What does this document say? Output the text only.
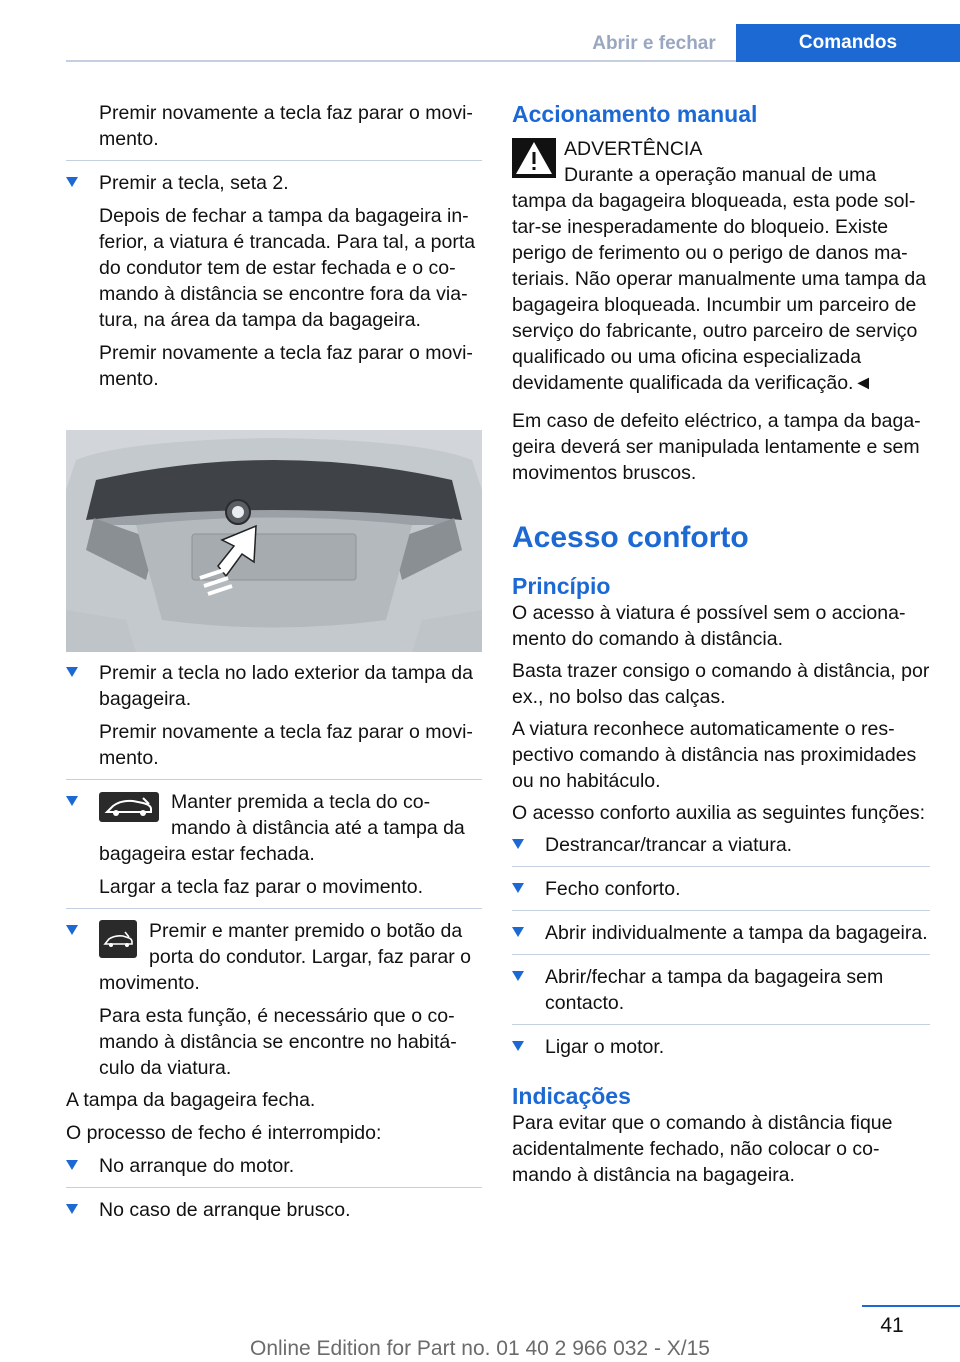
Abrir e fechar	Comandos

Premir novamente a tecla faz parar o movimento.

Premir a tecla, seta 2.

Depois de fechar a tampa da bagageira inferior, a viatura é trancada. Para tal, a porta do condutor tem de estar fechada e o comando à distância se encontre fora da viatura, na área da tampa da bagageira.

Premir novamente a tecla faz parar o movimento.

Premir a tecla no lado exterior da tampa da bagageira.

Premir novamente a tecla faz parar o movimento.

Manter premida a tecla do comando à distância até a tampa da bagageira estar fechada.

Largar a tecla faz parar o movimento.

Premir e manter premido o botão da porta do condutor. Largar, faz parar o movimento.

Para esta função, é necessário que o comando à distância se encontre no habitáculo da viatura.

A tampa da bagageira fecha.

O processo de fecho é interrompido:

No arranque do motor.

No caso de arranque brusco.

Accionamento manual

ADVERTÊNCIA

Durante a operação manual de uma tampa da bagageira bloqueada, esta pode soltar-se inesperadamente do bloqueio. Existe perigo de ferimento ou o perigo de danos materiais. Não operar manualmente uma tampa da bagageira bloqueada. Incumbir um parceiro de serviço do fabricante, outro parceiro de serviço qualificado ou uma oficina especializada devidamente qualificada da verificação.◄

Em caso de defeito eléctrico, a tampa da bagageira deverá ser manipulada lentamente e sem movimentos bruscos.

Acesso conforto
Princípio

O acesso à viatura é possível sem o accionamento do comando à distância.

Basta trazer consigo o comando à distância, por ex., no bolso das calças.

A viatura reconhece automaticamente o respectivo comando à distância nas proximidades ou no habitáculo.

O acesso conforto auxilia as seguintes funções:

Destrancar/trancar a viatura.

Fecho conforto.

Abrir individualmente a tampa da bagageira.

Abrir/fechar a tampa da bagageira sem contacto.

Ligar o motor.

Indicações

Para evitar que o comando à distância fique acidentalmente fechado, não colocar o comando à distância na bagageira.

41
Online Edition for Part no. 01 40 2 966 032 - X/15
